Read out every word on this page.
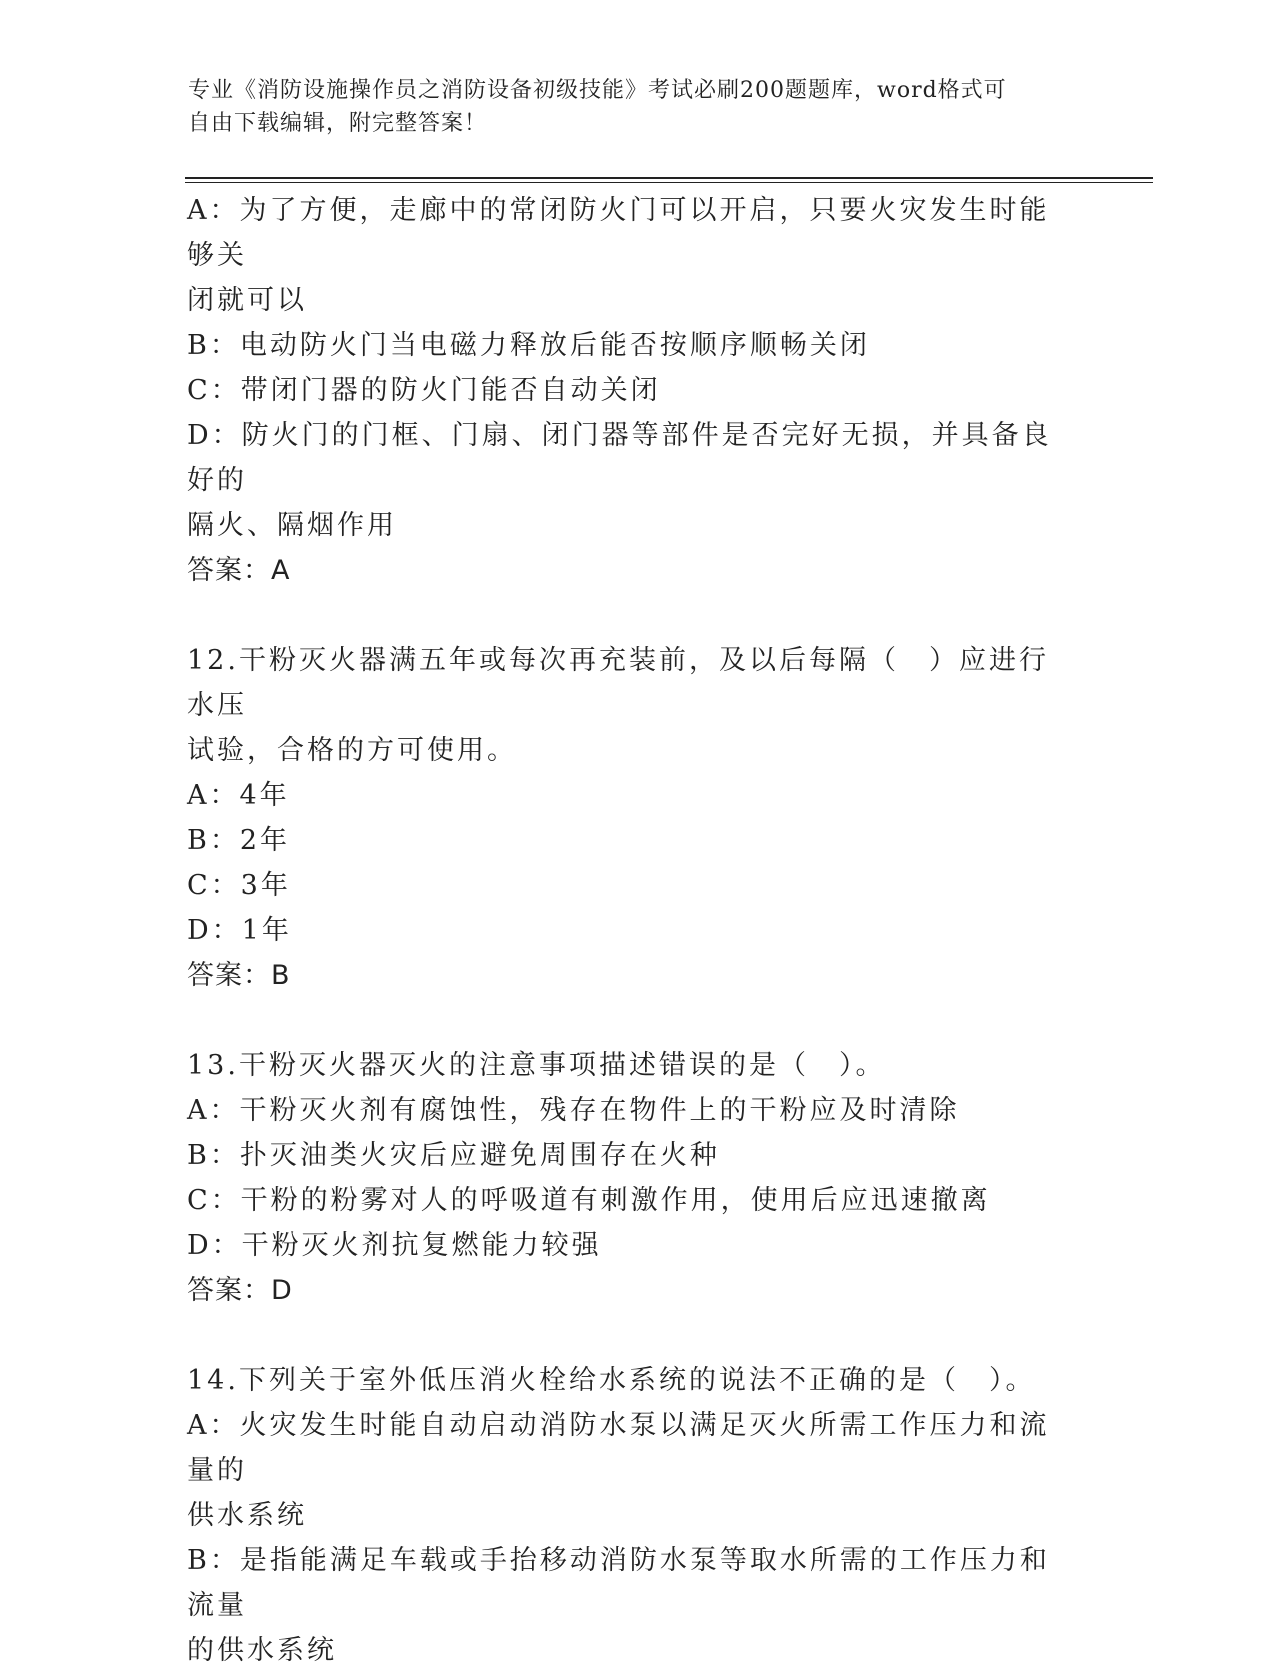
专业《消防设施操作员之消防设备初级技能》考试必刷200题题库，word格式可
自由下载编辑，附完整答案！

A：为了方便，走廊中的常闭防火门可以开启，只要火灾发生时能够关

闭就可以

B：电动防火门当电磁力释放后能否按顺序顺畅关闭

C：带闭门器的防火门能否自动关闭

D：防火门的门框、门扇、闭门器等部件是否完好无损，并具备良好的

隔火、隔烟作用

答案：A

12.干粉灭火器满五年或每次再充装前，及以后每隔（　）应进行水压

试验，合格的方可使用。

A：4年

B：2年

C：3年

D：1年

答案：B

13.干粉灭火器灭火的注意事项描述错误的是（　）。

A：干粉灭火剂有腐蚀性，残存在物件上的干粉应及时清除

B：扑灭油类火灾后应避免周围存在火种

C：干粉的粉雾对人的呼吸道有刺激作用，使用后应迅速撤离

D：干粉灭火剂抗复燃能力较强

答案：D

14.下列关于室外低压消火栓给水系统的说法不正确的是（　）。

A：火灾发生时能自动启动消防水泵以满足灭火所需工作压力和流量的

供水系统

B：是指能满足车载或手抬移动消防水泵等取水所需的工作压力和流量

的供水系统
